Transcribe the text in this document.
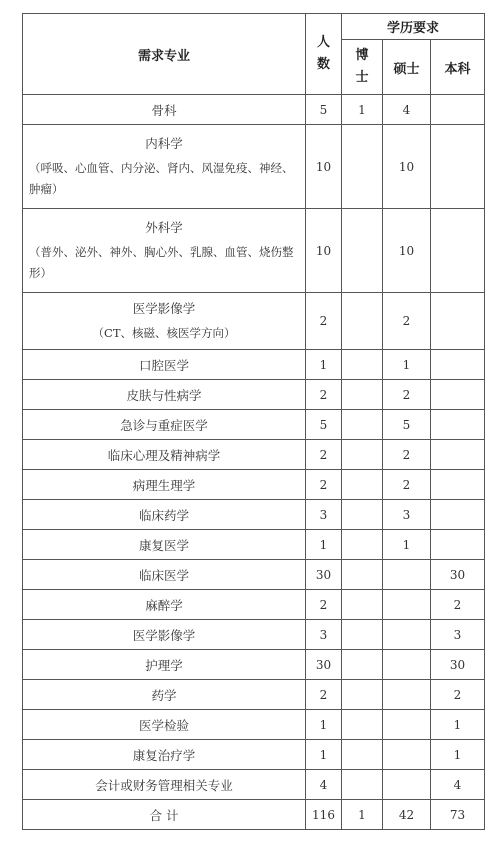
需求专业	人数	学历要求		
		博士	硕士	本科

骨科	5	1	4	

内科学
（呼吸、心血管、内分泌、肾内、风湿免疫、神经、肿瘤）	10		10	

外科学
（普外、泌外、神外、胸心外、乳腺、血管、烧伤整形）	10		10	

医学影像学
（CT、核磁、核医学方向）	2		2	

口腔医学	1		1	

皮肤与性病学	2		2	

急诊与重症医学	5		5	

临床心理及精神病学	2		2	

病理生理学	2		2	

临床药学	3		3	

康复医学	1		1	

临床医学	30			30

麻醉学	2			2

医学影像学	3			3

护理学	30			30

药学	2			2

医学检验	1			1

康复治疗学	1			1

会计或财务管理相关专业	4			4
合 计	116	1	42	73
